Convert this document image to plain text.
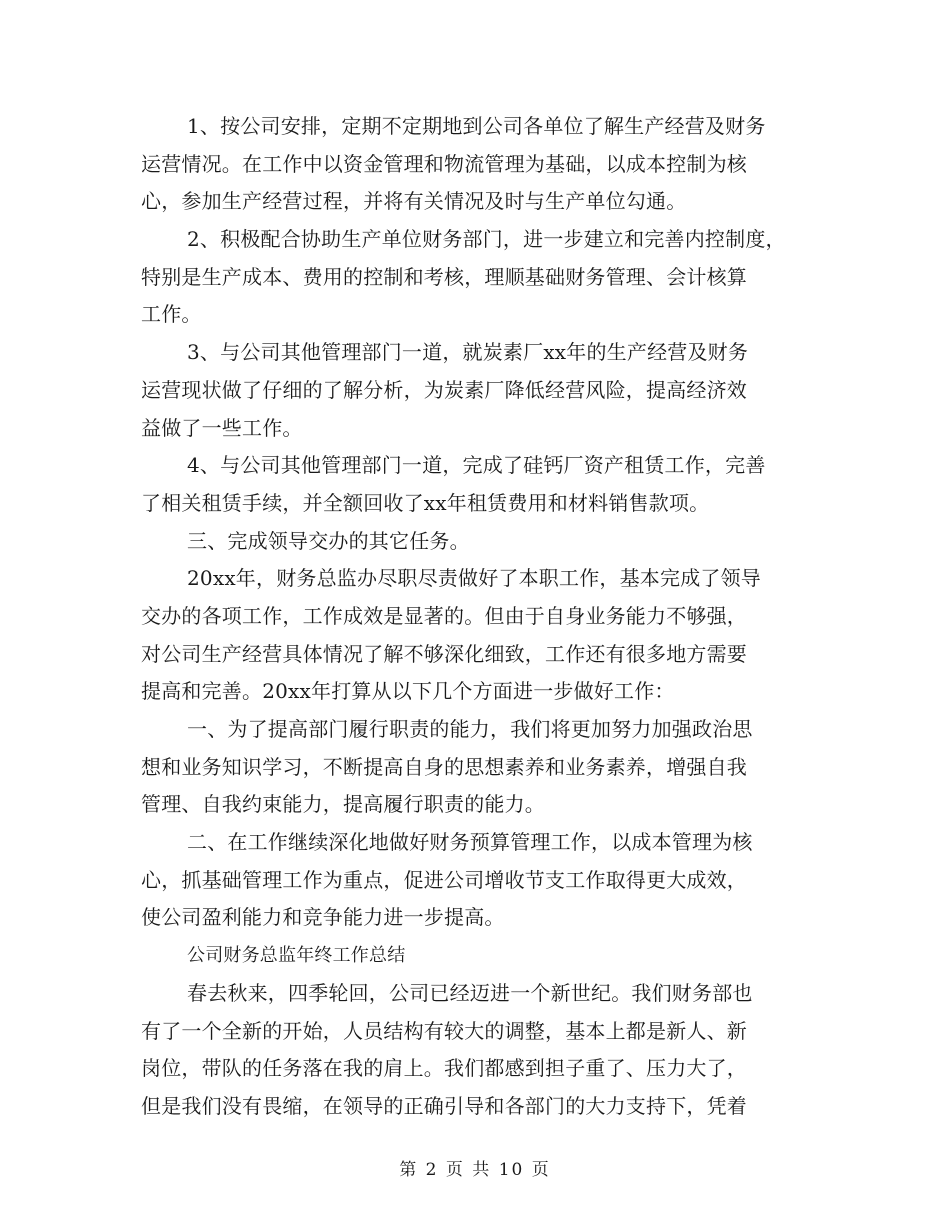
1、按公司安排，定期不定期地到公司各单位了解生产经营及财务
运营情况。在工作中以资金管理和物流管理为基础，以成本控制为核
心，参加生产经营过程，并将有关情况及时与生产单位勾通。
2、积极配合协助生产单位财务部门，进一步建立和完善内控制度，
特别是生产成本、费用的控制和考核，理顺基础财务管理、会计核算
工作。
3、与公司其他管理部门一道，就炭素厂xx年的生产经营及财务
运营现状做了仔细的了解分析，为炭素厂降低经营风险，提高经济效
益做了一些工作。
4、与公司其他管理部门一道，完成了硅钙厂资产租赁工作，完善
了相关租赁手续，并全额回收了xx年租赁费用和材料销售款项。
三、完成领导交办的其它任务。
20xx年，财务总监办尽职尽责做好了本职工作，基本完成了领导
交办的各项工作，工作成效是显著的。但由于自身业务能力不够强，
对公司生产经营具体情况了解不够深化细致，工作还有很多地方需要
提高和完善。20xx年打算从以下几个方面进一步做好工作：
一、为了提高部门履行职责的能力，我们将更加努力加强政治思
想和业务知识学习，不断提高自身的思想素养和业务素养，增强自我
管理、自我约束能力，提高履行职责的能力。
二、在工作继续深化地做好财务预算管理工作，以成本管理为核
心，抓基础管理工作为重点，促进公司增收节支工作取得更大成效，
使公司盈利能力和竞争能力进一步提高。
公司财务总监年终工作总结
春去秋来，四季轮回，公司已经迈进一个新世纪。我们财务部也
有了一个全新的开始，人员结构有较大的调整，基本上都是新人、新
岗位，带队的任务落在我的肩上。我们都感到担子重了、压力大了，
但是我们没有畏缩，在领导的正确引导和各部门的大力支持下，凭着
第 2 页 共 10 页
